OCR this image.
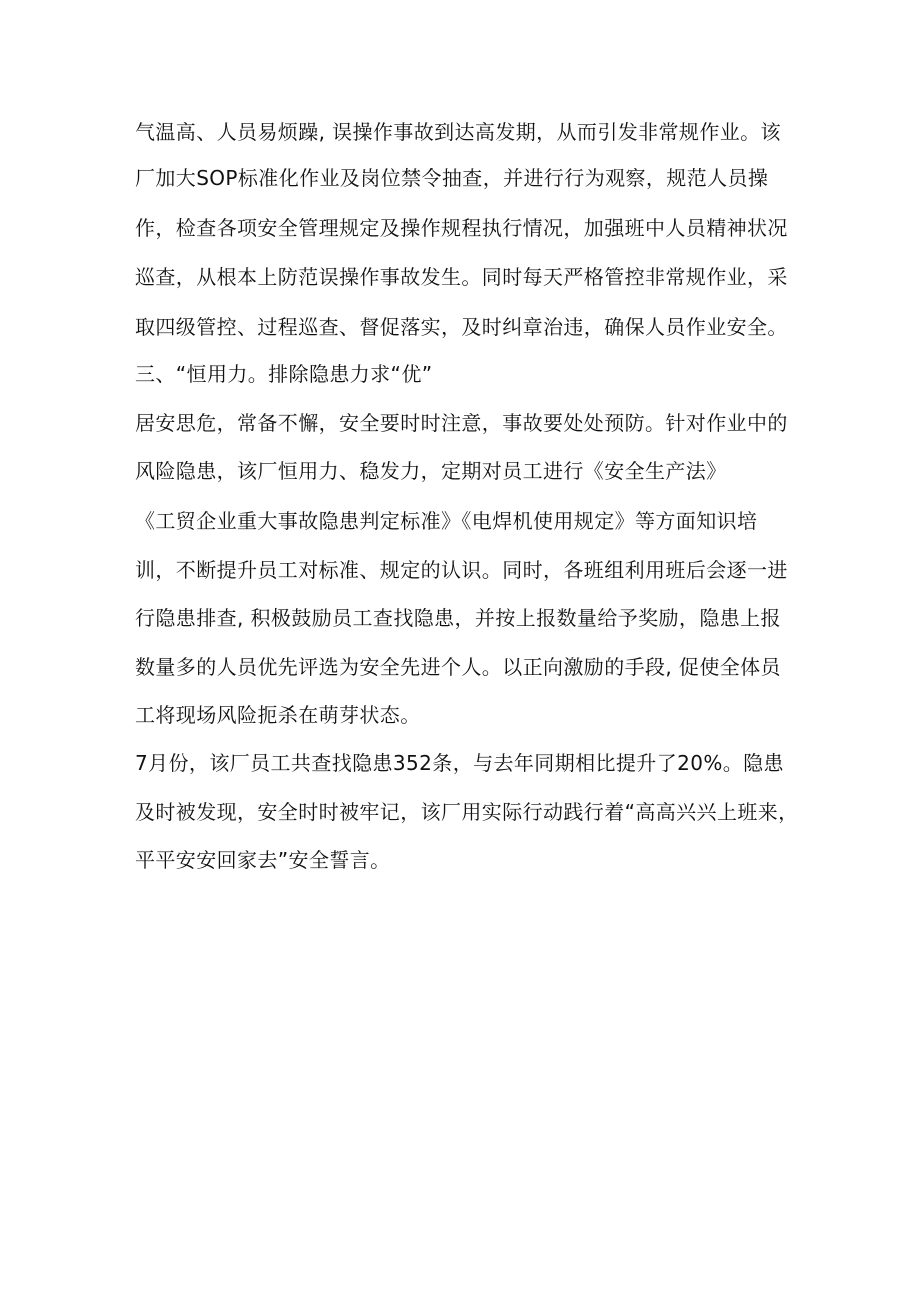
气温高、人员易烦躁, 误操作事故到达高发期，从而引发非常规作业。该
厂加大SOP标准化作业及岗位禁令抽查，并进行行为观察，规范人员操
作，检查各项安全管理规定及操作规程执行情况，加强班中人员精神状况
巡查，从根本上防范误操作事故发生。同时每天严格管控非常规作业，采
取四级管控、过程巡查、督促落实，及时纠章治违，确保人员作业安全。
三、“恒用力。排除隐患力求“优”
居安思危，常备不懈，安全要时时注意，事故要处处预防。针对作业中的
风险隐患，该厂恒用力、稳发力，定期对员工进行《安全生产法》
《工贸企业重大事故隐患判定标准》《电焊机使用规定》等方面知识培
训，不断提升员工对标准、规定的认识。同时，各班组利用班后会逐一进
行隐患排查, 积极鼓励员工查找隐患，并按上报数量给予奖励，隐患上报
数量多的人员优先评选为安全先进个人。以正向激励的手段, 促使全体员
工将现场风险扼杀在萌芽状态。
7月份，该厂员工共查找隐患352条，与去年同期相比提升了20%。隐患
及时被发现，安全时时被牢记，该厂用实际行动践行着“高高兴兴上班来，
平平安安回家去”安全誓言。
